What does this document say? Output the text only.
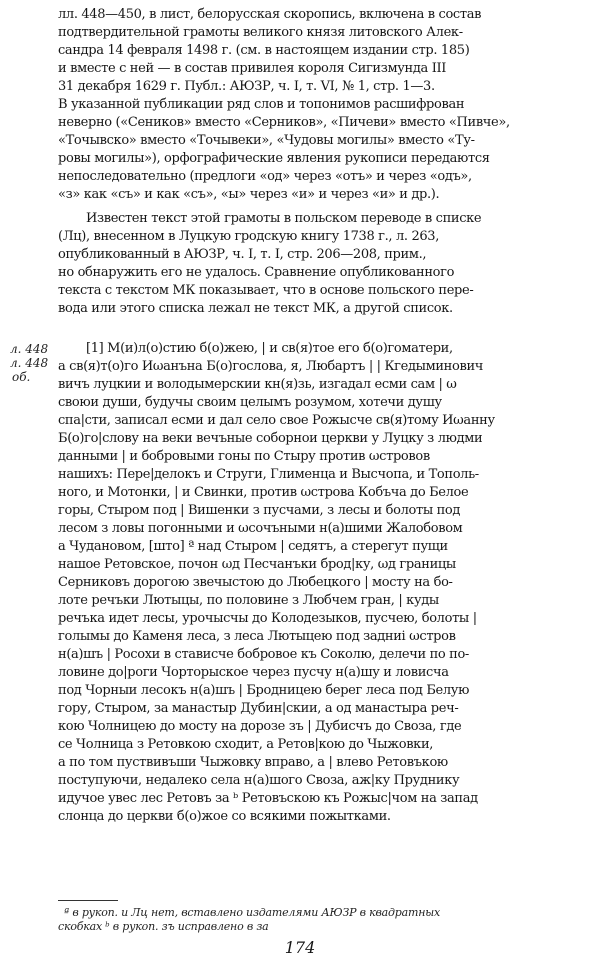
лл. 448—450, в лист, белорусская скоропись, включена в состав

подтвердительной грамоты великого князя литовского Алек-

сандра 14 февраля 1498 г. (см. в настоящем издании стр. 185)

и вместе с ней — в состав привилея короля Сигизмунда III

31 декабря 1629 г. Публ.: АЮЗР, ч. I, т. VI, № 1, стр. 1—3.

В указанной публикации ряд слов и топонимов расшифрован

неверно («Сеников» вместо «Серников», «Пичеви» вместо «Пивче»,

«Точывско» вместо «Точывеки», «Чудовы могилы» вместо «Ту-

ровы могилы»), орфографические явления рукописи передаются

непоследовательно (предлоги «од» через «отъ» и через «одъ»,

«з» как «съ» и как «съ», «ы» через «и» и через «и» и др.).

Известен текст этой грамоты в польском переводе в списке

(Лц), внесенном в Луцкую гродскую книгу 1738 г., л. 263,

опубликованный в АЮЗР, ч. I, т. I, стр. 206—208, прим.,

но обнаружить его не удалось. Сравнение опубликованного

текста с текстом МК показывает, что в основе польского пере-

вода или этого списка лежал не текст МК, а другой список.

л. 448
л. 448
об.

[1] М(и)л(о)стию б(о)жею, | и св(я)тое его б(о)гоматери,

а св(я)т(о)го Иωанъна Б(о)гослова, я, Любартъ | | Кгедыминович

вичъ луцкии и володымерскии кн(я)зь, изгадал есми сам | ω

своюи души, будучы своим целымъ розумом, хотечи душу

спа|сти, записал есми и дал село свое Рожысче св(я)тому Иωанну

Б(о)го|слову на веки вечъные соборнои церкви у Луцку з людми

данными | и бобровыми гоны по Стыру против ωстровов

нашихъ: Пере|делокъ и Струги, Глименца и Высчопа, и Тополь-

ного, и Мотонки, | и Свинки, против ωстрова Кобъча до Белое

горы, Стыром под | Вишенки з пусчами, з лесы и болоты под

лесом з ловы погонными и ωсочъными н(а)шими Жалобовом

а Чудановом, [што] ª над Стыром | седятъ, а стерегут пущи

нашое Ретовское, почон ωд Песчанъки брод|ку, ωд границы

Серниковъ дорогою звечыстою до Любецкого | мосту на бо-

лоте речъки Лютыцы, по половине з Любчем гран, | куды

речъка идет лесы, урочысчы до Колодезыков, пусчею, болоты |

голымы до Каменя леса, з леса Лютыцею под задниі ωстров

н(а)шъ | Росохи в стависче бобровое къ Соколю, делечи по по-

ловине до|роги Чорторыское через пусчу н(а)шу и ловисча

под Чорныи лесокъ н(а)шъ | Бродницею берег леса под Белую

гору, Стыром, за манастыр Дубин|скии, а од манастыра реч-

кою Чолницею до мосту на дорозе зъ | Дубисчъ до Своза, где

се Чолница з Ретовкою сходит, а Ретов|кою до Чыжовки,

а по том пуствивъши Чыжовку вправо, а | влево Ретовъкою

поступуючи, недалеко села н(а)шого Своза, аж|ку Пруднику

идучое увес лес Ретовъ за ᵇ Ретовъскою къ Рожыс|чом на запад

слонца до церкви б(о)жое со всякими пожытками.

ª в рукоп. и Лц нет, вставлено издателями АЮЗР в квадратных
скобках ᵇ в рукоп. зъ исправлено в за
174
